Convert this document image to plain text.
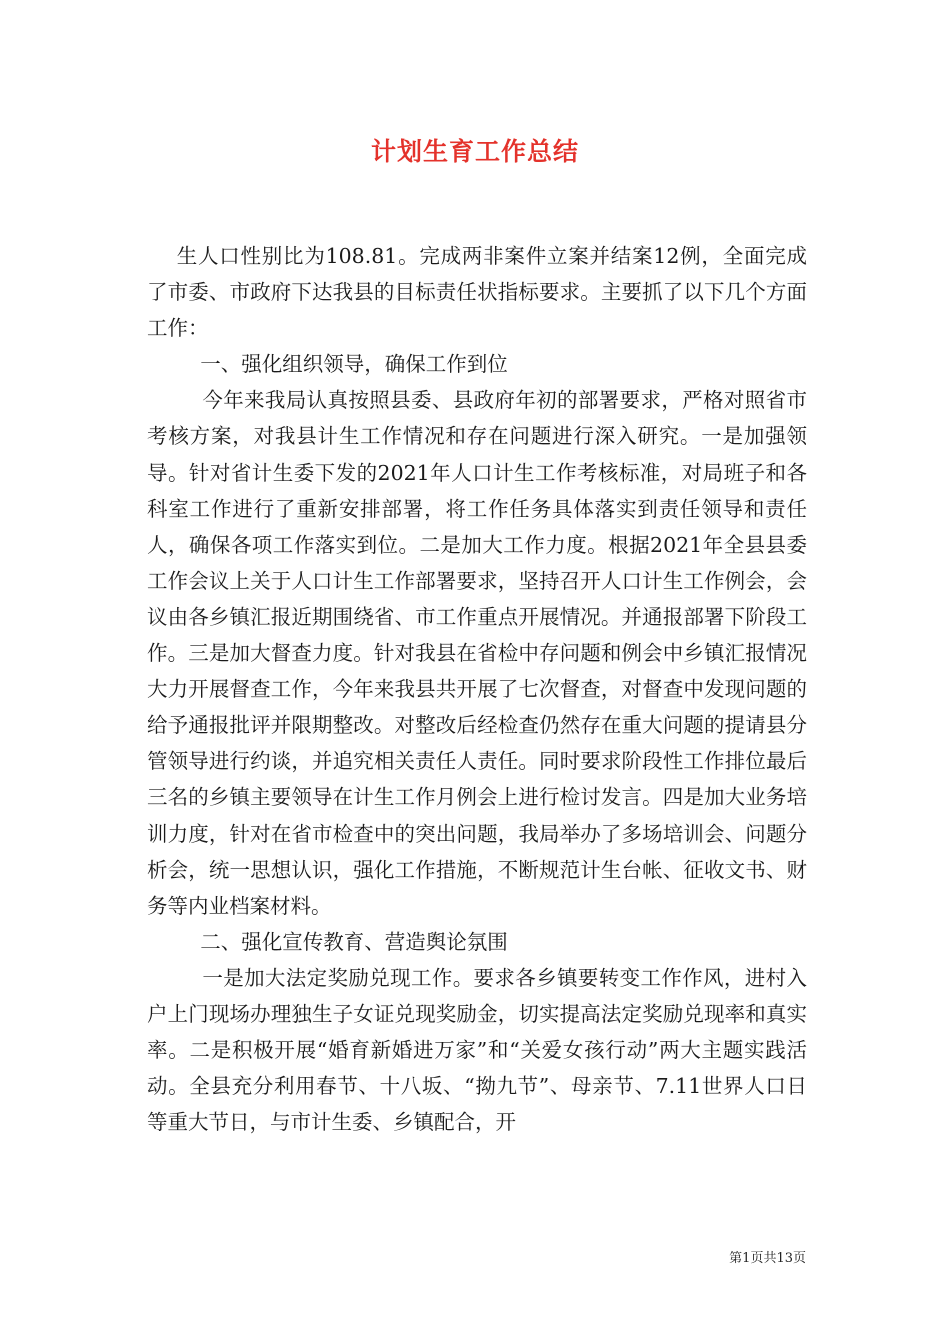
计划生育工作总结

生人口性别比为108.81。完成两非案件立案并结案12例，全面完成了市委、市政府下达我县的目标责任状指标要求。主要抓了以下几个方面工作：

一、强化组织领导，确保工作到位

今年来我局认真按照县委、县政府年初的部署要求，严格对照省市考核方案，对我县计生工作情况和存在问题进行深入研究。一是加强领导。针对省计生委下发的2021年人口计生工作考核标准，对局班子和各科室工作进行了重新安排部署，将工作任务具体落实到责任领导和责任人，确保各项工作落实到位。二是加大工作力度。根据2021年全县县委工作会议上关于人口计生工作部署要求，坚持召开人口计生工作例会，会议由各乡镇汇报近期围绕省、市工作重点开展情况。并通报部署下阶段工作。三是加大督查力度。针对我县在省检中存问题和例会中乡镇汇报情况大力开展督查工作，今年来我县共开展了七次督查，对督查中发现问题的给予通报批评并限期整改。对整改后经检查仍然存在重大问题的提请县分管领导进行约谈，并追究相关责任人责任。同时要求阶段性工作排位最后三名的乡镇主要领导在计生工作月例会上进行检讨发言。四是加大业务培训力度，针对在省市检查中的突出问题，我局举办了多场培训会、问题分析会，统一思想认识，强化工作措施，不断规范计生台帐、征收文书、财务等内业档案材料。

二、强化宣传教育、营造舆论氛围

一是加大法定奖励兑现工作。要求各乡镇要转变工作作风，进村入户上门现场办理独生子女证兑现奖励金，切实提高法定奖励兑现率和真实率。二是积极开展“婚育新婚进万家”和“关爱女孩行动”两大主题实践活动。全县充分利用春节、十八坂、“拗九节”、母亲节、7.11世界人口日等重大节日，与市计生委、乡镇配合，开

第1页共13页
